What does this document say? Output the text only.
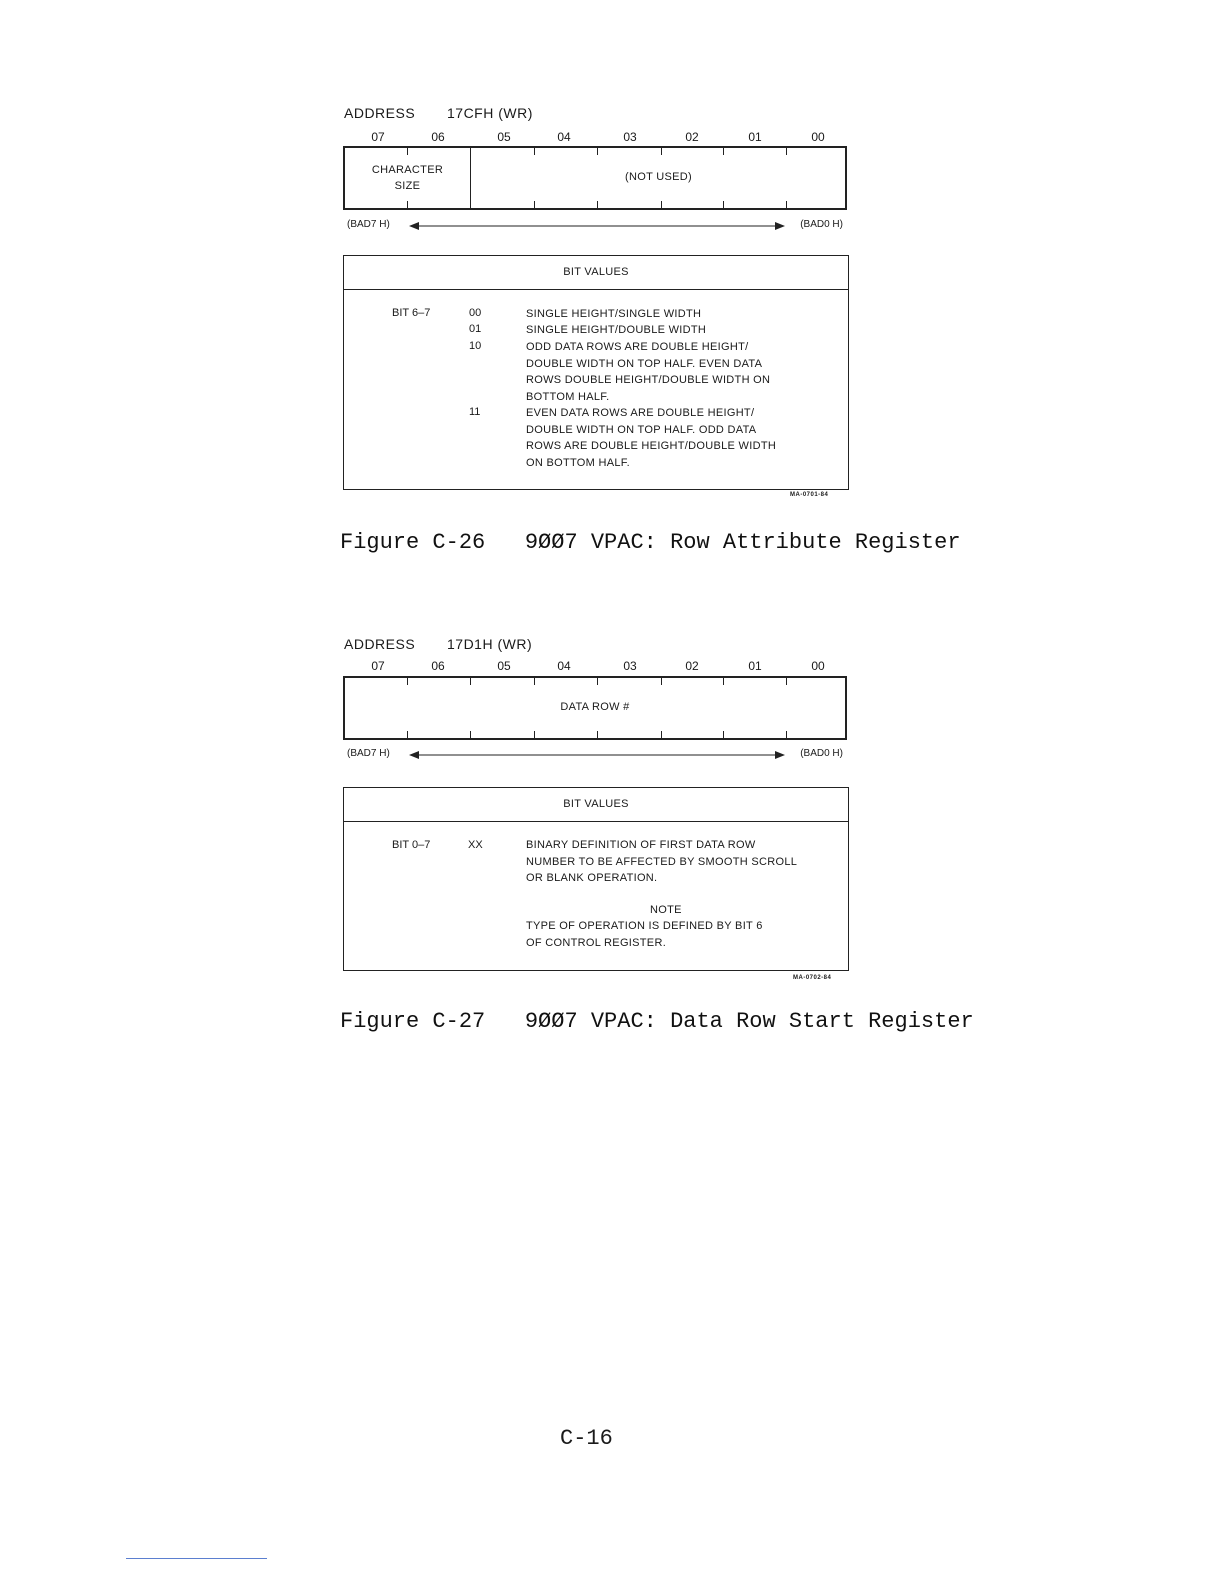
ADDRESS 17CFH (WR)
07	06	05	04	03	02	01	00
CHARACTER
SIZE
(NOT USED)
(BAD7 H)	(BAD0 H)
BIT VALUES
BIT 6–7	00	SINGLE HEIGHT/SINGLE WIDTH
01	SINGLE HEIGHT/DOUBLE WIDTH
10	ODD DATA ROWS ARE DOUBLE HEIGHT/
DOUBLE WIDTH ON TOP HALF. EVEN DATA
ROWS DOUBLE HEIGHT/DOUBLE WIDTH ON
BOTTOM HALF.
11	EVEN DATA ROWS ARE DOUBLE HEIGHT/
DOUBLE WIDTH ON TOP HALF. ODD DATA
ROWS ARE DOUBLE HEIGHT/DOUBLE WIDTH
ON BOTTOM HALF.
MA-0701-84
Figure C-26 9ØØ7 VPAC: Row Attribute Register
ADDRESS 17D1H (WR)
07	06	05	04	03	02	01	00
DATA ROW #
(BAD7 H)	(BAD0 H)
BIT VALUES
BIT 0–7	XX	BINARY DEFINITION OF FIRST DATA ROW
NUMBER TO BE AFFECTED BY SMOOTH SCROLL
OR BLANK OPERATION.
NOTE
TYPE OF OPERATION IS DEFINED BY BIT 6
OF CONTROL REGISTER.
MA-0702-84
Figure C-27 9ØØ7 VPAC: Data Row Start Register
C-16
